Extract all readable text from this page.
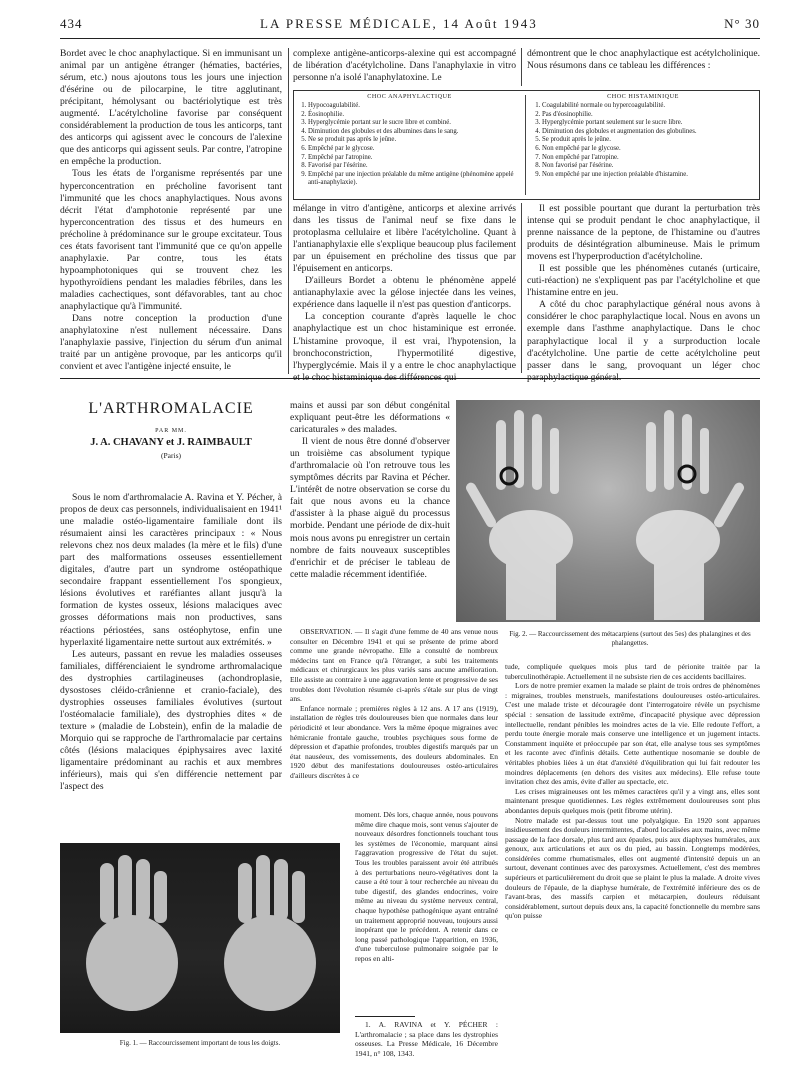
434	LA PRESSE MÉDICALE, 14 Août 1943	N° 30

Bordet avec le choc anaphylactique. Si en immunisant un animal par un antigène étranger (hématies, bactéries, sérum, etc.) nous ajoutons tous les jours une injection d'ésérine ou de pilocarpine, le titre agglutinant, précipitant, hémolysant ou bactériolytique est très augmenté. L'acétylcholine favorise par conséquent considérablement la production de tous les anticorps, tant des anticorps qui agissent avec le concours de l'alexine que des anticorps qui agissent seuls. Par contre, l'atropine en empêche la production.

Tous les états de l'organisme représentés par une hyperconcentration en précholine favorisent tant l'immunité que les chocs anaphylactiques. Nous avons décrit l'état d'amphotonie représenté par une hyperconcentration des tissus et des humeurs en précholine à prédominance sur le groupe excitateur. Tous ces états favorisent tant l'immunité que ce qu'on appelle anaphylaxie. Par contre, tous les états hypoamphotoniques qui se trouvent chez les hypothyroïdiens pendant les maladies fébriles, dans les maladies cachectiques, sont défavorables, tant au choc anaphylactique qu'à l'immunité.

Dans notre conception la production d'une anaphylatoxine n'est nullement nécessaire. Dans l'anaphylaxie passive, l'injection du sérum d'un animal traité par un antigène provoque, par les anticorps qu'il convient et avec l'antigène injecté ensuite, le

complexe antigène-anticorps-alexine qui est accompagné de libération d'acétylcholine. Dans l'anaphylaxie in vitro personne n'a isolé l'anaphylatoxine. Le

démontrent que le choc anaphylactique est acétylcholinique. Nous résumons dans ce tableau les différences :

CHOC ANAPHYLACTIQUE
1. Hypocoagulabilité.
2. Éosinophilie.
3. Hyperglycémie portant sur le sucre libre et combiné.
4. Diminution des globules et des albumines dans le sang.
5. Ne se produit pas après le jeûne.
6. Empêché par le glycose.
7. Empêché par l'atropine.
8. Favorisé par l'ésérine.
9. Empêché par une injection préalable du même antigène (phénomène appelé anti-anaphylaxie).
CHOC HISTAMINIQUE
1. Coagulabilité normale ou hypercoagulabilité.
2. Pas d'éosinophilie.
3. Hyperglycémie portant seulement sur le sucre libre.
4. Diminution des globules et augmentation des globulines.
5. Se produit après le jeûne.
6. Non empêché par le glycose.
7. Non empêché par l'atropine.
8. Non favorisé par l'ésérine.
9. Non empêché par une injection préalable d'histamine.

mélange in vitro d'antigène, anticorps et alexine arrivés dans les tissus de l'animal neuf se fixe dans le protoplasma cellulaire et libère l'acétylcholine. Quant à l'antianaphylaxie elle s'explique beaucoup plus facilement par un épuisement en précholine des tissus que par l'épuisement en anticorps.

D'ailleurs Bordet a obtenu le phénomène appelé antianaphylaxie avec la gélose injectée dans les veines, expérience dans laquelle il n'est pas question d'anticorps.

La conception courante d'après laquelle le choc anaphylactique est un choc histaminique est erronée. L'histamine provoque, il est vrai, l'hypotension, la bronchoconstriction, l'hypermotilité digestive, l'hyperglycémie. Mais il y a entre le choc anaphylactique et le choc histaminique des différences qui

Il est possible pourtant que durant la perturbation très intense qui se produit pendant le choc anaphylactique, il prenne naissance de la peptone, de l'histamine ou d'autres produits de désintégration albumineuse. Mais le primum movens est l'hyperproduction d'acétylcholine.

Il est possible que les phénomènes cutanés (urticaire, cuti-réaction) ne s'expliquent pas par l'acétylcholine et que l'histamine entre en jeu.

A côté du choc paraphylactique général nous avons à considérer le choc paraphylactique local. Nous en avons un exemple dans l'asthme anaphylactique. Dans le choc paraphylactique local il y a surproduction locale d'acétylcholine. Une partie de cette acétylcholine peut passer dans le sang, provoquant un léger choc paraphylactique général.

L'ARTHROMALACIE
PAR MM.
J. A. CHAVANY et J. RAIMBAULT
(Paris)

Sous le nom d'arthromalacie A. Ravina et Y. Pécher, à propos de deux cas personnels, individualisaient en 1941¹ une maladie ostéo-ligamentaire familiale dont ils résumaient ainsi les caractères principaux : « Nous relevons chez nos deux malades (la mère et le fils) d'une part des malformations osseuses essentiellement digitales, d'autre part un syndrome ostéopathique secondaire frappant essentiellement l'os spongieux, lésions évolutives et raréfiantes allant jusqu'à la formation de kystes osseux, lésions malaciques avec grosses déformations mais non productives, sans réactions périostées, sans ostéophytose, enfin une hyperlaxité ligamentaire nette surtout aux extrémités. »

Les auteurs, passant en revue les maladies osseuses familiales, différenciaient le syndrome arthromalacique des dystrophies cartilagineuses (achondroplasie, dysostoses cléido-crânienne et cranio-faciale), des dystrophies osseuses familiales évolutives (surtout l'ostéomalacie familiale), des dystrophies dites « de texture » (maladie de Lobstein), enfin de la maladie de Morquio qui se rapproche de l'arthromalacie par certains côtés (lésions malaciques épiphysaires avec laxité ligamentaire prédominant au rachis et aux membres inférieurs), mais qui s'en différencie nettement par l'aspect des

mains et aussi par son début congénital expliquant peut-être les déformations « caricaturales » des malades.

Il vient de nous être donné d'observer un troisième cas absolument typique d'arthromalacie où l'on retrouve tous les symptômes décrits par Ravina et Pécher. L'intérêt de notre observation se corse du fait que nous avons eu la chance d'assister à la phase aiguë du processus morbide. Pendant une période de dix-huit mois nous avons pu enregistrer un certain nombre de faits nouveaux susceptibles d'enrichir et de préciser le tableau de cette maladie récemment identifiée.

OBSERVATION. — Il s'agit d'une femme de 40 ans venue nous consulter en Décembre 1941 et qui se présente de prime abord comme une grande névropathe. Elle a consulté de nombreux médecins tant en France qu'à l'étranger, a subi les traitements médicaux et chirurgicaux les plus variés sans aucune amélioration. Elle assiste au contraire à une aggravation lente et progressive de ses troubles dont l'évolution résumée ci-après s'étale sur plus de vingt ans.

Enfance normale ; premières règles à 12 ans. A 17 ans (1919), installation de règles très douloureuses bien que normales dans leur périodicité et leur abondance. Vers la même époque migraines avec hémicranie frontale gauche, troubles psychiques sous forme de dépression et d'apathie profondes, troubles digestifs marqués par un état nauséeux, des vomissements, des douleurs abdominales. En 1920 début des manifestations douloureuses ostéo-articulaires d'ailleurs discrètes à ce

Fig. 2. — Raccourcissement des métacarpiens (surtout des 5es) des phalangines et des phalangettes.
Fig. 1. — Raccourcissement important de tous les doigts.

moment. Dès lors, chaque année, nous pouvons même dire chaque mois, sont venus s'ajouter de nouveaux désordres fonctionnels touchant tous les systèmes de l'économie, marquant ainsi l'aggravation progressive de l'état du sujet. Tous les troubles paraissent avoir été attribués à des perturbations neuro-végétatives dont la cause a été tour à tour recherchée au niveau du tube digestif, des glandes endocrines, voire même au niveau du système nerveux central, chaque hypothèse pathogénique ayant entraîné un traitement approprié nouveau, toujours aussi inopérant que le précédent. A retenir dans ce long passé pathologique l'apparition, en 1936, d'une tuberculose pulmonaire soignée par le repos en alti-

1. A. RAVINA et Y. PÉCHER : L'arthromalacie ; sa place dans les dystrophies osseuses. La Presse Médicale, 16 Décembre 1941, n° 108, 1343.

tude, compliquée quelques mois plus tard de périonite traitée par la tuberculinothérapie. Actuellement il ne subsiste rien de ces accidents bacillaires.

Lors de notre premier examen la malade se plaint de trois ordres de phénomènes : migraines, troubles menstruels, manifestations douloureuses ostéo-articulaires. C'est une malade triste et découragée dont l'interrogatoire révèle un psychisme spécial : sensation de lassitude extrême, d'incapacité physique avec dépression intellectuelle, rendant pénibles les moindres actes de la vie. Elle redoute l'effort, a perdu toute énergie morale mais conserve une intelligence et un jugement intacts. Constamment inquiète et préoccupée par son état, elle analyse tous ses symptômes et les raconte avec d'infinis détails. Cette authentique nosomanie se double de véritables phobies liées à un état d'anxiété d'équilibration qui lui fait redouter les moindres déplacements (en dehors des visites aux médecins). Elle refuse toute invitation chez des amis, évite d'aller au spectacle, etc.

Les crises migraineuses ont les mêmes caractères qu'il y a vingt ans, elles sont maintenant presque quotidiennes. Les règles extrêmement douloureuses sont plus abondantes depuis quelques mois (petit fibrome utérin).

Notre malade est par-dessus tout une polyalgique. En 1920 sont apparues insidieusement des douleurs intermittentes, d'abord localisées aux mains, avec même passage de la face dorsale, plus tard aux épaules, puis aux diaphyses humérales, aux genoux, aux articulations et aux os du pied, au bassin. Longtemps modérées, considérées comme rhumatismales, elles ont augmenté d'intensité depuis un an surtout, devenant continues avec des paroxysmes. Actuellement, c'est des membres supérieurs et particulièrement du droit que se plaint le plus la malade. A droite vives douleurs de l'épaule, de la diaphyse humérale, de l'extrémité inférieure des os de l'avant-bras, des massifs carpien et métacarpien, douleurs réduisant considérablement, surtout depuis deux ans, la capacité fonctionnelle du membre sans qu'on puisse
